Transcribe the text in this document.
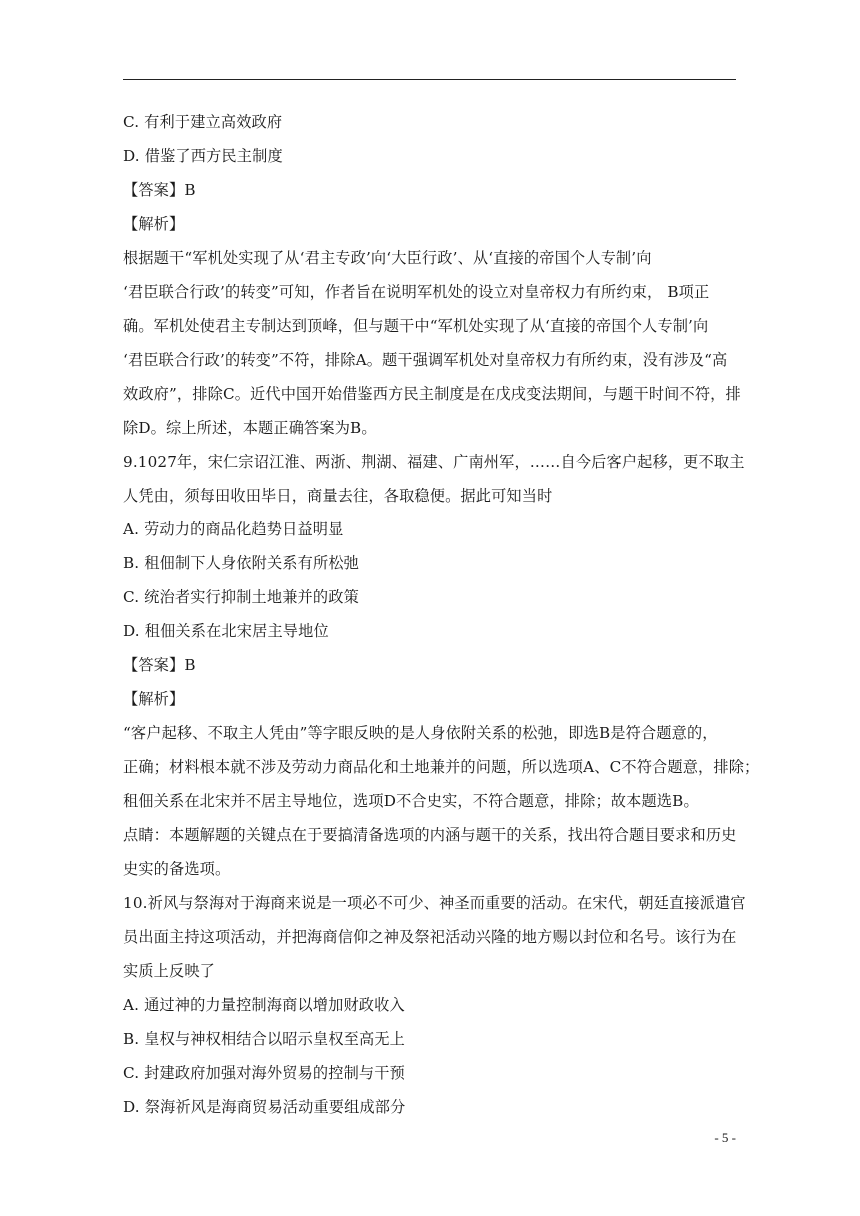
C. 有利于建立高效政府
D. 借鉴了西方民主制度
【答案】B
【解析】
根据题干“军机处实现了从‘君主专政’向‘大臣行政’、从‘直接的帝国个人专制’向
‘君臣联合行政’的转变”可知，作者旨在说明军机处的设立对皇帝权力有所约束， B项正
确。军机处使君主专制达到顶峰，但与题干中“军机处实现了从‘直接的帝国个人专制’向
‘君臣联合行政’的转变”不符，排除A。题干强调军机处对皇帝权力有所约束，没有涉及“高
效政府”，排除C。近代中国开始借鉴西方民主制度是在戊戌变法期间，与题干时间不符，排
除D。综上所述，本题正确答案为B。
9.1027年，宋仁宗诏江淮、两浙、荆湖、福建、广南州军，……自今后客户起移，更不取主
人凭由，须每田收田毕日，商量去往，各取稳便。据此可知当时
A. 劳动力的商品化趋势日益明显
B. 租佃制下人身依附关系有所松弛
C. 统治者实行抑制土地兼并的政策
D. 租佃关系在北宋居主导地位
【答案】B
【解析】
“客户起移、不取主人凭由”等字眼反映的是人身依附关系的松弛，即选B是符合题意的，
正确；材料根本就不涉及劳动力商品化和土地兼并的问题，所以选项A、C不符合题意，排除；
租佃关系在北宋并不居主导地位，选项D不合史实，不符合题意，排除；故本题选B。
点睛：本题解题的关键点在于要搞清备选项的内涵与题干的关系，找出符合题目要求和历史
史实的备选项。
10.祈风与祭海对于海商来说是一项必不可少、神圣而重要的活动。在宋代，朝廷直接派遣官
员出面主持这项活动，并把海商信仰之神及祭祀活动兴隆的地方赐以封位和名号。该行为在
实质上反映了
A. 通过神的力量控制海商以增加财政收入
B. 皇权与神权相结合以昭示皇权至高无上
C. 封建政府加强对海外贸易的控制与干预
D. 祭海祈风是海商贸易活动重要组成部分
- 5 -
